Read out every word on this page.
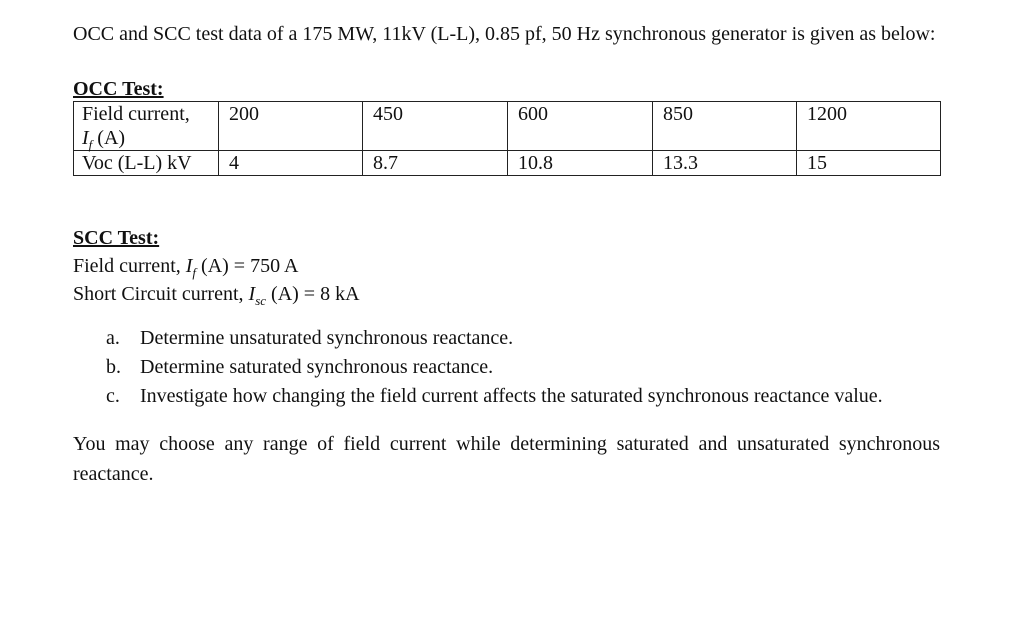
OCC and SCC test data of a 175 MW, 11kV (L-L), 0.85 pf, 50 Hz synchronous generator is given as below:

OCC Test:

Field current,
$I_f$ (A)	200	450	600	850	1200
Voc (L-L) kV	4	8.7	10.8	13.3	15

SCC Test:

Field current, $I_f$ (A) = 750 A

Short Circuit current, $I_{sc}$ (A) = 8 kA

a. Determine unsaturated synchronous reactance.
b. Determine saturated synchronous reactance.
c. Investigate how changing the field current affects the saturated synchronous reactance value.

You may choose any range of field current while determining saturated and unsaturated synchronous reactance.
